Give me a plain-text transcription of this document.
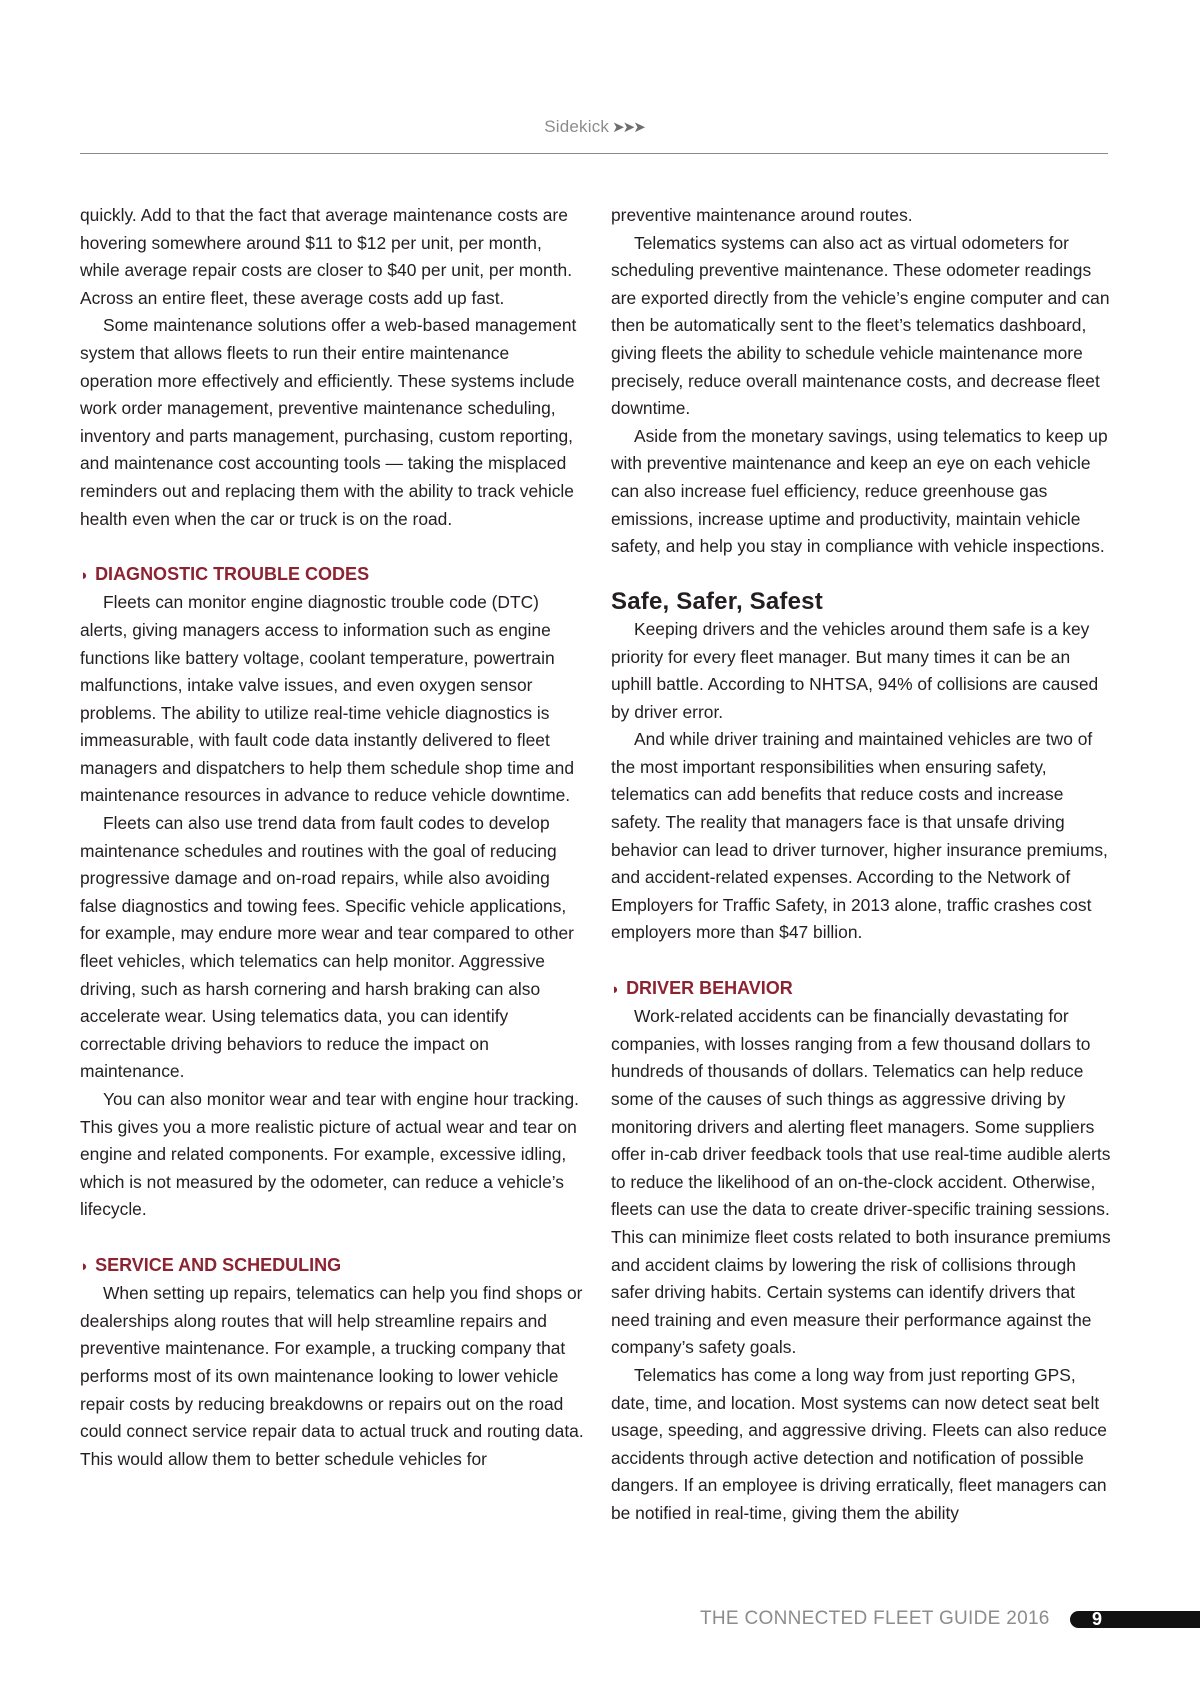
Sidekick ➤➤➤

quickly. Add to that the fact that average maintenance costs are hovering somewhere around $11 to $12 per unit, per month, while average repair costs are closer to $40 per unit, per month. Across an entire fleet, these average costs add up fast.

Some maintenance solutions offer a web-based management system that allows fleets to run their entire maintenance operation more effectively and efficiently. These systems include work order management, preventive maintenance scheduling, inventory and parts management, purchasing, custom reporting, and maintenance cost accounting tools — taking the misplaced reminders out and replacing them with the ability to track vehicle health even when the car or truck is on the road.

◗ DIAGNOSTIC TROUBLE CODES

Fleets can monitor engine diagnostic trouble code (DTC) alerts, giving managers access to information such as engine functions like battery voltage, coolant temperature, powertrain malfunctions, intake valve issues, and even oxygen sensor problems. The ability to utilize real-time vehicle diagnostics is immeasurable, with fault code data instantly delivered to fleet managers and dispatchers to help them schedule shop time and maintenance resources in advance to reduce vehicle downtime.

Fleets can also use trend data from fault codes to develop maintenance schedules and routines with the goal of reducing progressive damage and on-road repairs, while also avoiding false diagnostics and towing fees. Specific vehicle applications, for example, may endure more wear and tear compared to other fleet vehicles, which telematics can help monitor. Aggressive driving, such as harsh cornering and harsh braking can also accelerate wear. Using telematics data, you can identify correctable driving behaviors to reduce the impact on maintenance.

You can also monitor wear and tear with engine hour tracking. This gives you a more realistic picture of actual wear and tear on engine and related components. For example, excessive idling, which is not measured by the odometer, can reduce a vehicle’s lifecycle.

◗ SERVICE AND SCHEDULING

When setting up repairs, telematics can help you find shops or dealerships along routes that will help streamline repairs and preventive maintenance. For example, a trucking company that performs most of its own maintenance looking to lower vehicle repair costs by reducing breakdowns or repairs out on the road could connect service repair data to actual truck and routing data. This would allow them to better schedule vehicles for

preventive maintenance around routes.

Telematics systems can also act as virtual odometers for scheduling preventive maintenance. These odometer readings are exported directly from the vehicle’s engine computer and can then be automatically sent to the fleet’s telematics dashboard, giving fleets the ability to schedule vehicle maintenance more precisely, reduce overall maintenance costs, and decrease fleet downtime.

Aside from the monetary savings, using telematics to keep up with preventive maintenance and keep an eye on each vehicle can also increase fuel efficiency, reduce greenhouse gas emissions, increase uptime and productivity, maintain vehicle safety, and help you stay in compliance with vehicle inspections.

Safe, Safer, Safest

Keeping drivers and the vehicles around them safe is a key priority for every fleet manager. But many times it can be an uphill battle. According to NHTSA, 94% of collisions are caused by driver error.

And while driver training and maintained vehicles are two of the most important responsibilities when ensuring safety, telematics can add benefits that reduce costs and increase safety. The reality that managers face is that unsafe driving behavior can lead to driver turnover, higher insurance premiums, and accident-related expenses. According to the Network of Employers for Traffic Safety, in 2013 alone, traffic crashes cost employers more than $47 billion.

◗ DRIVER BEHAVIOR

Work-related accidents can be financially devastating for companies, with losses ranging from a few thousand dollars to hundreds of thousands of dollars. Telematics can help reduce some of the causes of such things as aggressive driving by monitoring drivers and alerting fleet managers. Some suppliers offer in-cab driver feedback tools that use real-time audible alerts to reduce the likelihood of an on-the-clock accident. Otherwise, fleets can use the data to create driver-specific training sessions. This can minimize fleet costs related to both insurance premiums and accident claims by lowering the risk of collisions through safer driving habits. Certain systems can identify drivers that need training and even measure their performance against the company’s safety goals.

Telematics has come a long way from just reporting GPS, date, time, and location. Most systems can now detect seat belt usage, speeding, and aggressive driving. Fleets can also reduce accidents through active detection and notification of possible dangers. If an employee is driving erratically, fleet managers can be notified in real-time, giving them the ability

THE CONNECTED FLEET GUIDE 2016 9
